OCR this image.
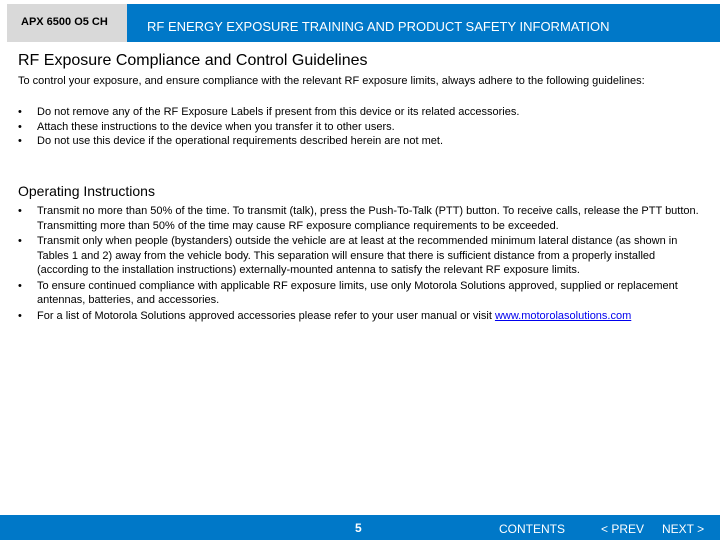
APX 6500 O5 CH	RF ENERGY EXPOSURE TRAINING AND PRODUCT SAFETY INFORMATION
RF Exposure Compliance and Control Guidelines

To control your exposure, and ensure compliance with the relevant RF exposure limits, always adhere to the following guidelines:

• Do not remove any of the RF Exposure Labels if present from this device or its related accessories.
• Attach these instructions to the device when you transfer it to other users.
• Do not use this device if the operational requirements described herein are not met.
Operating Instructions
• Transmit no more than 50% of the time. To transmit (talk), press the Push-To-Talk (PTT) button. To receive calls, release the PTT button. Transmitting more than 50% of the time may cause RF exposure compliance requirements to be exceeded.
• Transmit only when people (bystanders) outside the vehicle are at least at the recommended minimum lateral distance (as shown in Tables 1 and 2) away from the vehicle body. This separation will ensure that there is sufficient distance from a properly installed (according to the installation instructions) externally-mounted antenna to satisfy the relevant RF exposure limits.
• To ensure continued compliance with applicable RF exposure limits, use only Motorola Solutions approved, supplied or replacement antennas, batteries, and accessories.
• For a list of Motorola Solutions approved accessories please refer to your user manual or visit www.motorolasolutions.com
5	CONTENTS	< PREV NEXT >
